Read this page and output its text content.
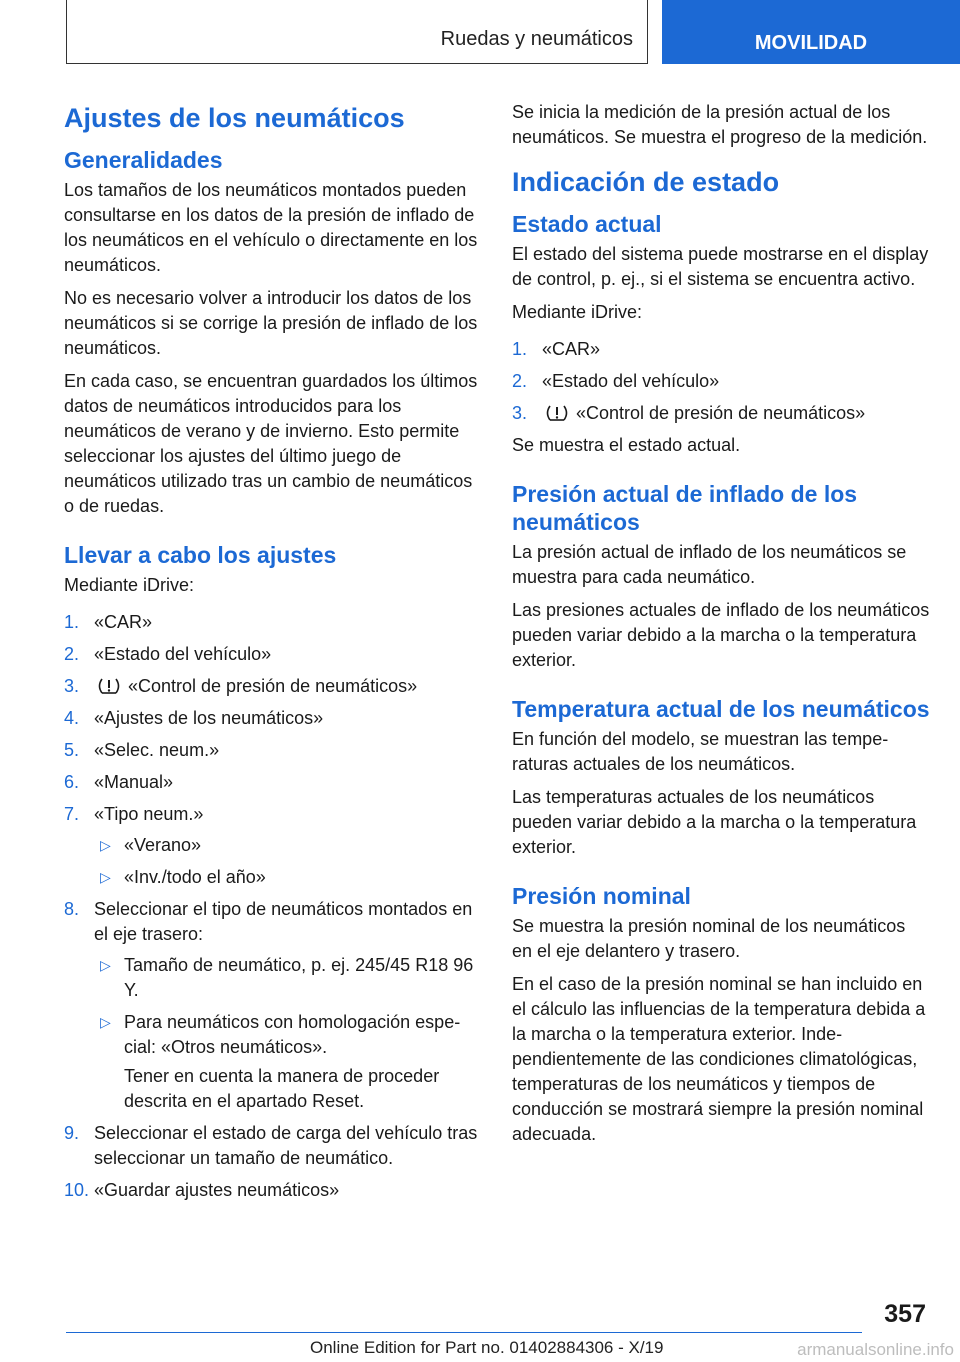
Ruedas y neumáticos	MOVILIDAD
Ajustes de los neumáticos
Generalidades

Los tamaños de los neumáticos montados pueden consultarse en los datos de la presión de inflado de los neumáticos en el vehículo o directamente en los neumáticos.

No es necesario volver a introducir los datos de los neumáticos si se corrige la presión de inflado de los neumáticos.

En cada caso, se encuentran guardados los últimos datos de neumáticos introducidos para los neumáticos de verano y de invierno. Esto permite seleccionar los ajustes del último juego de neumáticos utilizado tras un cambio de neumáticos o de ruedas.

Llevar a cabo los ajustes

Mediante iDrive:

1. «CAR»
2. «Estado del vehículo»
3.	«Control de presión de neumáticos»
4. «Ajustes de los neumáticos»
5. «Selec. neum.»
6. «Manual»
7. «Tipo neum.»
▷ «Verano»
▷ «Inv./todo el año»
8. Seleccionar el tipo de neumáticos montados en el eje trasero:
▷ Tamaño de neumático, p. ej. 245/45 R18 96 Y.
▷ Para neumáticos con homologación especial: «Otros neumáticos».

Tener en cuenta la manera de proceder descrita en el apartado Reset.

9. Seleccionar el estado de carga del vehículo tras seleccionar un tamaño de neumático.
10. «Guardar ajustes neumáticos»

Se inicia la medición de la presión actual de los neumáticos. Se muestra el progreso de la medición.

Indicación de estado
Estado actual

El estado del sistema puede mostrarse en el display de control, p. ej., si el sistema se encuentra activo.

Mediante iDrive:

1. «CAR»
2. «Estado del vehículo»
3.	«Control de presión de neumáticos»

Se muestra el estado actual.

Presión actual de inflado de los neumáticos

La presión actual de inflado de los neumáticos se muestra para cada neumático.

Las presiones actuales de inflado de los neumáticos pueden variar debido a la marcha o la temperatura exterior.

Temperatura actual de los neumáticos

En función del modelo, se muestran las temperaturas actuales de los neumáticos.

Las temperaturas actuales de los neumáticos pueden variar debido a la marcha o la temperatura exterior.

Presión nominal

Se muestra la presión nominal de los neumáticos en el eje delantero y trasero.

En el caso de la presión nominal se han incluido en el cálculo las influencias de la temperatura debida a la marcha o la temperatura exterior. Independientemente de las condiciones climatológicas, temperaturas de los neumáticos y tiempos de conducción se mostrará siempre la presión nominal adecuada.

357
Online Edition for Part no. 01402884306 - X/19	armanualsonline.info
